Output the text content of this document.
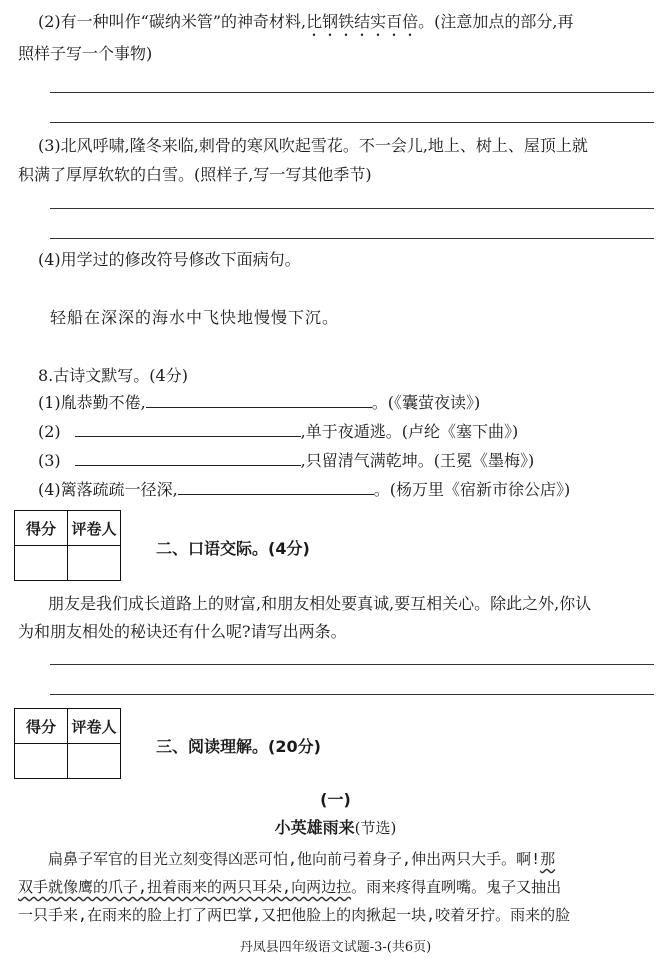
(2)有一种叫作“碳纳米管”的神奇材料,比钢铁结实百倍。(注意加点的部分,再
照样子写一个事物)
(3)北风呼啸,隆冬来临,刺骨的寒风吹起雪花。不一会儿,地上、树上、屋顶上就
积满了厚厚软软的白雪。(照样子,写一写其他季节)
(4)用学过的修改符号修改下面病句。
轻船在深深的海水中飞快地慢慢下沉。
8.古诗文默写。(4分)
(1)胤恭勤不倦,	。(《囊萤夜读》)
(2)	,单于夜遁逃。(卢纶《塞下曲》)
(3)	,只留清气满乾坤。(王冕《墨梅》)
(4)篱落疏疏一径深,	。(杨万里《宿新市徐公店》)
得分	评卷人

二、口语交际。(4分)
朋友是我们成长道路上的财富,和朋友相处要真诚,要互相关心。除此之外,你认
为和朋友相处的秘诀还有什么呢?请写出两条。
得分	评卷人

三、阅读理解。(20分)
(一)
小英雄雨来(节选)
扁鼻子军官的目光立刻变得凶恶可怕,他向前弓着身子,伸出两只大手。啊!那
双手就像鹰的爪子,扭着雨来的两只耳朵,向两边拉。雨来疼得直咧嘴。鬼子又抽出
一只手来,在雨来的脸上打了两巴掌,又把他脸上的肉揪起一块,咬着牙拧。雨来的脸
丹凤县四年级语文试题-3-(共6页)
